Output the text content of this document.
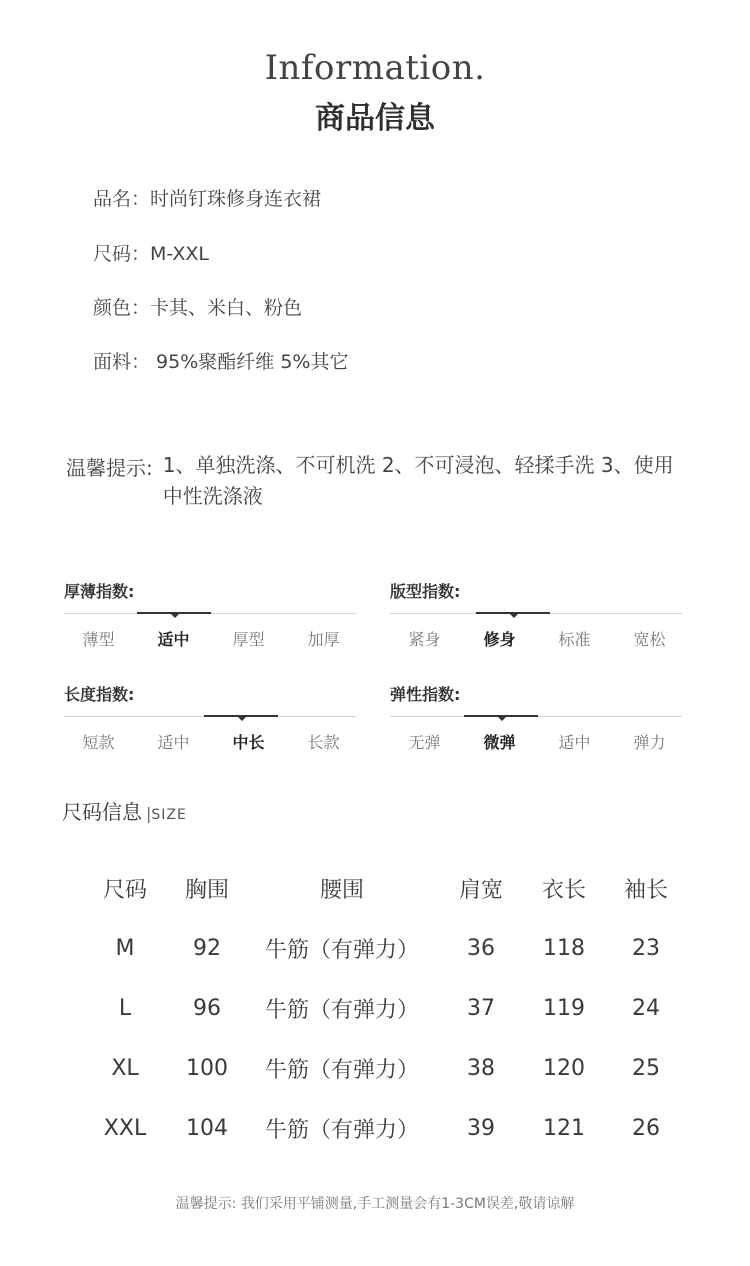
Information.
商品信息
品名：时尚钉珠修身连衣裙
尺码：M-XXL
颜色：卡其、米白、粉色
面料： 95%聚酯纤维 5%其它
温馨提示: 1、单独洗涤、不可机洗 2、不可浸泡、轻揉手洗 3、使用中性洗涤液
厚薄指数:
薄型	适中	厚型	加厚
版型指数:
紧身	修身	标准	宽松
长度指数:
短款	适中	中长	长款
弹性指数:
无弹	微弹	适中	弹力
尺码信息 |SIZE
尺码	胸围	腰围	肩宽	衣长	袖长
M	92	牛筋（有弹力）	36	118	23
L	96	牛筋（有弹力）	37	119	24
XL	100	牛筋（有弹力）	38	120	25
XXL	104	牛筋（有弹力）	39	121	26
温馨提示: 我们采用平铺测量,手工测量会有1-3CM误差,敬请谅解
